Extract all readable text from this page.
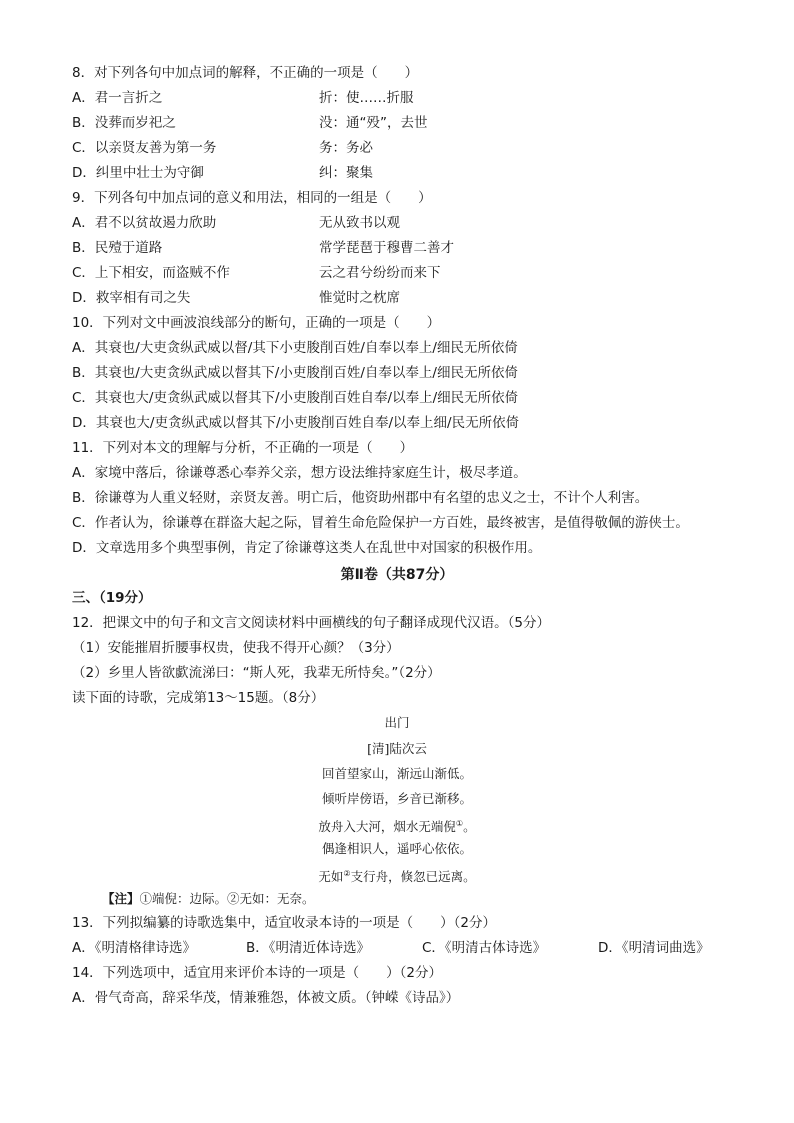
8．对下列各句中加点词的解释，不正确的一项是（　　）
A．君一言折之	折：使……折服
B．没葬而岁祀之	没：通“殁”，去世
C．以亲贤友善为第一务	务：务必
D．纠里中壮士为守御	纠：聚集
9．下列各句中加点词的意义和用法，相同的一组是（　　）
A．君不以贫故遏力欣助	无从致书以观
B．民殪于道路	常学琵琶于穆曹二善才
C．上下相安，而盗贼不作	云之君兮纷纷而来下
D．救宰相有司之失	惟觉时之枕席
10．下列对文中画波浪线部分的断句，正确的一项是（　　）
A．其衰也/大吏贪纵武威以督/其下小吏朘削百姓/自奉以奉上/细民无所依倚
B．其衰也/大吏贪纵武威以督其下/小吏朘削百姓/自奉以奉上/细民无所依倚
C．其衰也大/吏贪纵武威以督其下/小吏朘削百姓自奉/以奉上/细民无所依倚
D．其衰也大/吏贪纵武威以督其下/小吏朘削百姓自奉/以奉上细/民无所依倚
11．下列对本文的理解与分析，不正确的一项是（　　）
A．家境中落后，徐谦尊悉心奉养父亲，想方设法维持家庭生计，极尽孝道。
B．徐谦尊为人重义轻财，亲贤友善。明亡后，他资助州郡中有名望的忠义之士，不计个人利害。
C．作者认为，徐谦尊在群盗大起之际，冒着生命危险保护一方百姓，最终被害，是值得敬佩的游侠士。
D．文章选用多个典型事例，肯定了徐谦尊这类人在乱世中对国家的积极作用。
第Ⅱ卷（共87分）
三、（19分）
12．把课文中的句子和文言文阅读材料中画横线的句子翻译成现代汉语。（5分）
（1）安能摧眉折腰事权贵，使我不得开心颜？（3分）
（2）乡里人皆欲歔流涕曰：“斯人死，我辈无所恃矣。”（2分）
读下面的诗歌，完成第13～15题。（8分）
出门
[清]陆次云
回首望家山，渐远山渐低。
倾听岸傍语，乡音已渐移。
放舟入大河，烟水无端倪①。
偶逢相识人，遥呼心依依。
无如②支行舟，倏忽已远离。
【注】①端倪：边际。②无如：无奈。
13．下列拟编纂的诗歌选集中，适宜收录本诗的一项是（　　）（2分）
A．《明清格律诗选》	B．《明清近体诗选》	C．《明清古体诗选》	D．《明清词曲选》
14．下列选项中，适宜用来评价本诗的一项是（　　）（2分）
A．骨气奇高，辞采华茂，情兼雅怨，体被文质。（钟嵘《诗品》）
